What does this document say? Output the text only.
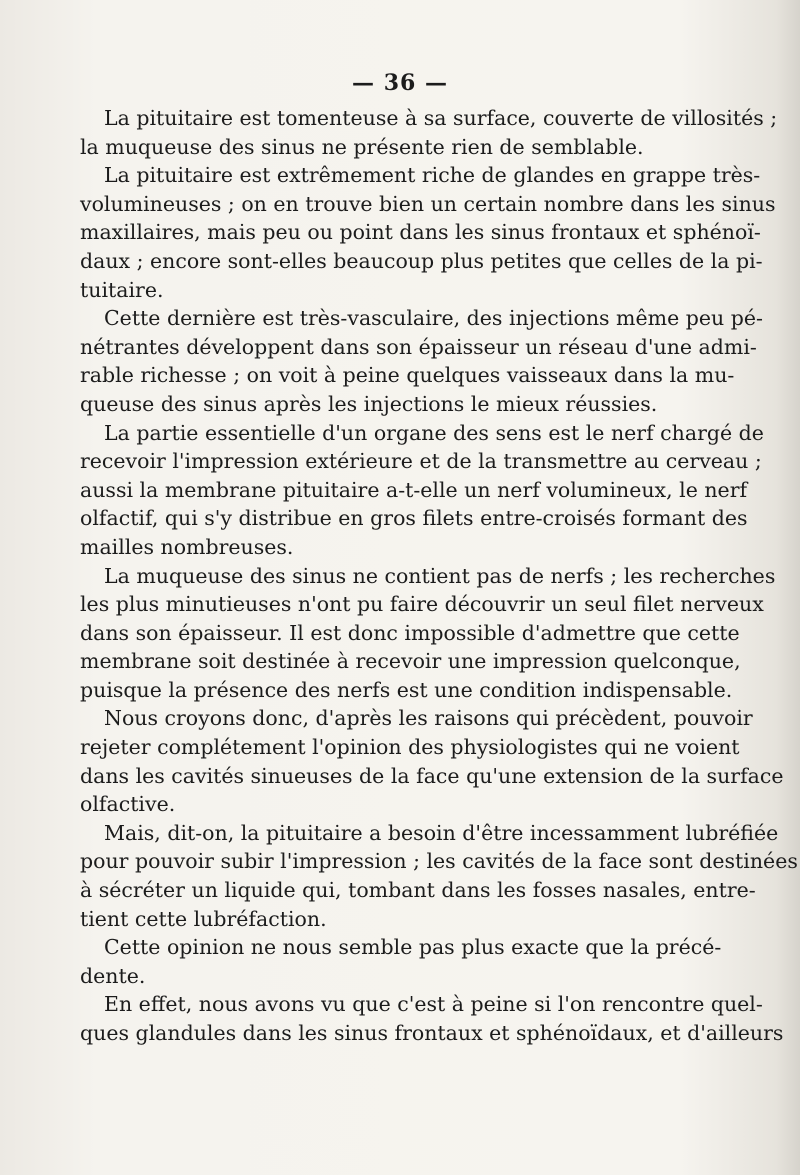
— 36 —
La pituitaire est tomenteuse à sa surface, couverte de villosités ;
la muqueuse des sinus ne présente rien de semblable.
La pituitaire est extrêmement riche de glandes en grappe très-
volumineuses ; on en trouve bien un certain nombre dans les sinus
maxillaires, mais peu ou point dans les sinus frontaux et sphénoï-
daux ; encore sont-elles beaucoup plus petites que celles de la pi-
tuitaire.
Cette dernière est très-vasculaire, des injections même peu pé-
nétrantes développent dans son épaisseur un réseau d'une admi-
rable richesse ; on voit à peine quelques vaisseaux dans la mu-
queuse des sinus après les injections le mieux réussies.
La partie essentielle d'un organe des sens est le nerf chargé de
recevoir l'impression extérieure et de la transmettre au cerveau ;
aussi la membrane pituitaire a-t-elle un nerf volumineux, le nerf
olfactif, qui s'y distribue en gros filets entre-croisés formant des
mailles nombreuses.
La muqueuse des sinus ne contient pas de nerfs ; les recherches
les plus minutieuses n'ont pu faire découvrir un seul filet nerveux
dans son épaisseur. Il est donc impossible d'admettre que cette
membrane soit destinée à recevoir une impression quelconque,
puisque la présence des nerfs est une condition indispensable.
Nous croyons donc, d'après les raisons qui précèdent, pouvoir
rejeter complétement l'opinion des physiologistes qui ne voient
dans les cavités sinueuses de la face qu'une extension de la surface
olfactive.
Mais, dit-on, la pituitaire a besoin d'être incessamment lubréfiée
pour pouvoir subir l'impression ; les cavités de la face sont destinées
à sécréter un liquide qui, tombant dans les fosses nasales, entre-
tient cette lubréfaction.
Cette opinion ne nous semble pas plus exacte que la précé-
dente.
En effet, nous avons vu que c'est à peine si l'on rencontre quel-
ques glandules dans les sinus frontaux et sphénoïdaux, et d'ailleurs
